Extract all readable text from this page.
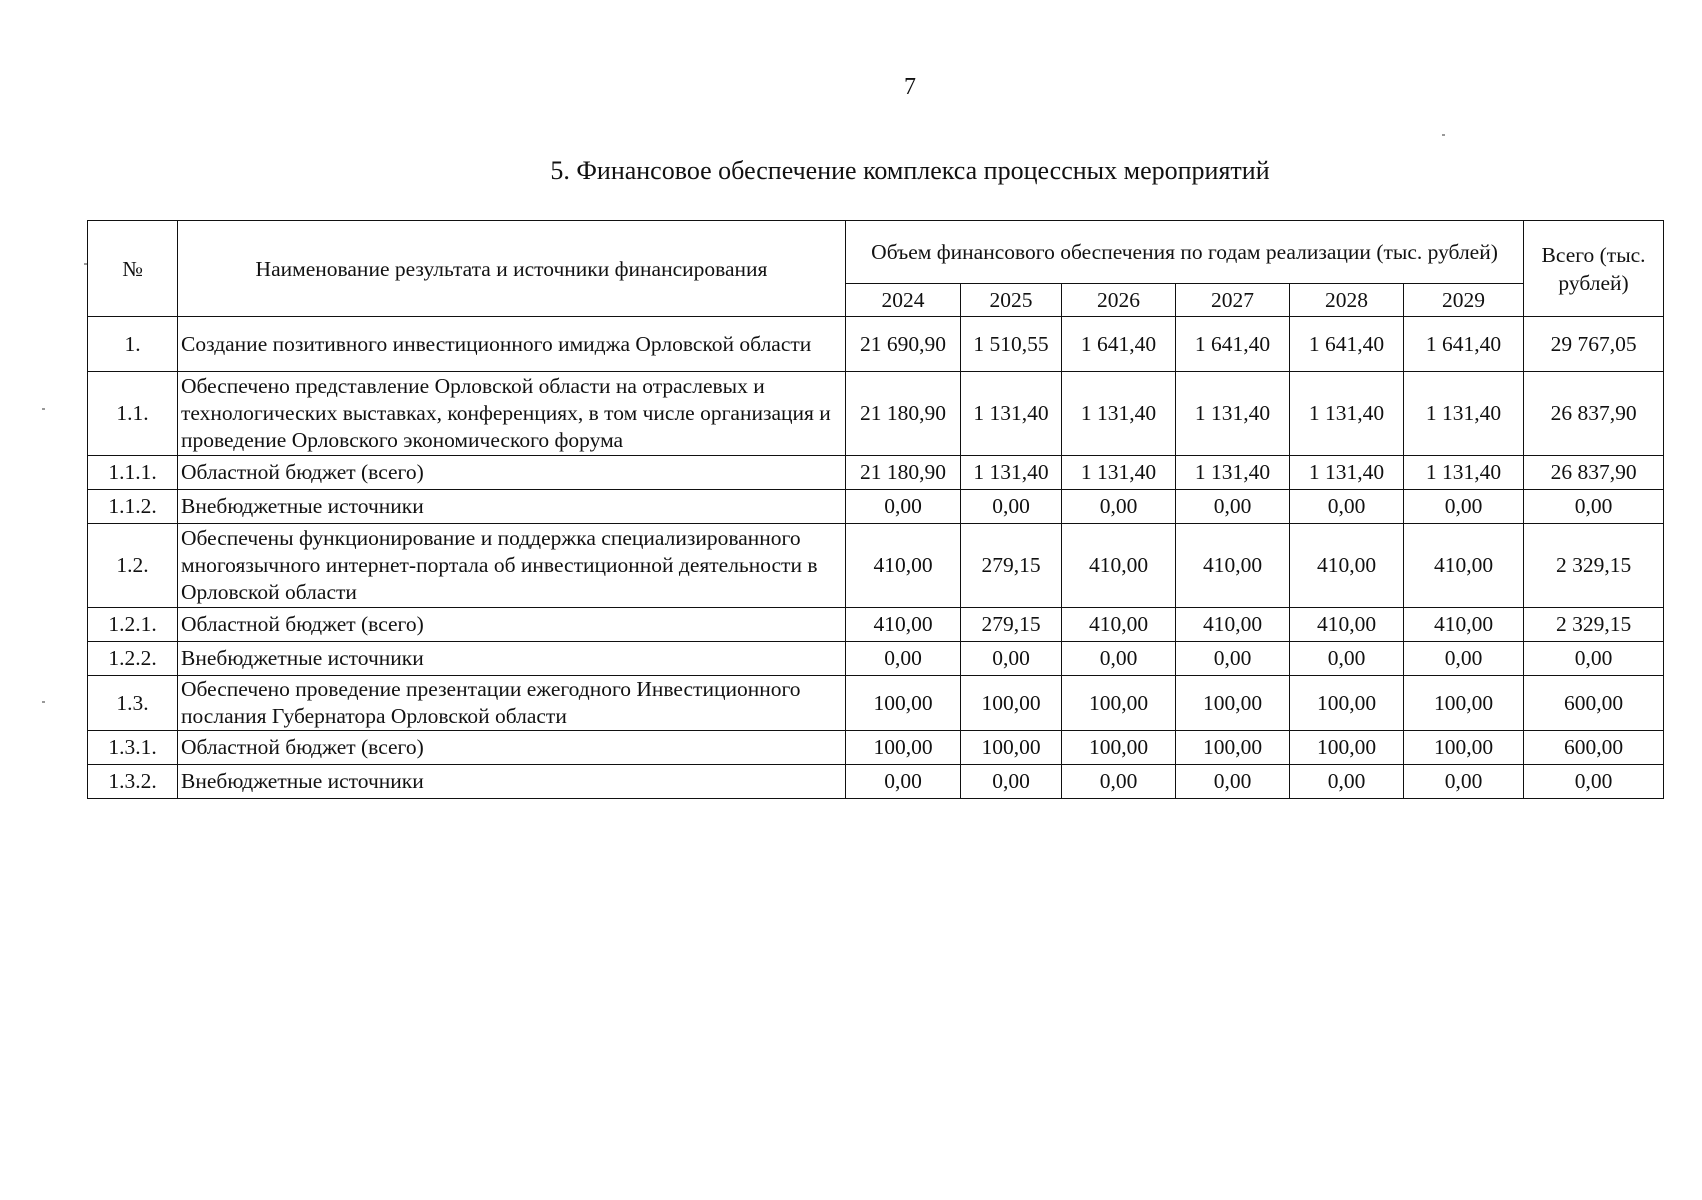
7
5. Финансовое обеспечение комплекса процессных мероприятий
№	Наименование результата и источники финансирования	Объем финансового обеспечения по годам реализации (тыс. рублей)						Всего (тыс. рублей)
		2024	2025	2026	2027	2028	2029	
1.	Создание позитивного инвестиционного имиджа Орловской области	21 690,90	1 510,55	1 641,40	1 641,40	1 641,40	1 641,40	29 767,05
1.1.	Обеспечено представление Орловской области на отраслевых и технологических выставках, конференциях, в том числе организация и проведение Орловского экономического форума	21 180,90	1 131,40	1 131,40	1 131,40	1 131,40	1 131,40	26 837,90
1.1.1.	Областной бюджет (всего)	21 180,90	1 131,40	1 131,40	1 131,40	1 131,40	1 131,40	26 837,90
1.1.2.	Внебюджетные источники	0,00	0,00	0,00	0,00	0,00	0,00	0,00
1.2.	Обеспечены функционирование и поддержка специализированного многоязычного интернет-портала об инвестиционной деятельности в Орловской области	410,00	279,15	410,00	410,00	410,00	410,00	2 329,15
1.2.1.	Областной бюджет (всего)	410,00	279,15	410,00	410,00	410,00	410,00	2 329,15
1.2.2.	Внебюджетные источники	0,00	0,00	0,00	0,00	0,00	0,00	0,00
1.3.	Обеспечено проведение презентации ежегодного Инвестиционного послания Губернатора Орловской области	100,00	100,00	100,00	100,00	100,00	100,00	600,00
1.3.1.	Областной бюджет (всего)	100,00	100,00	100,00	100,00	100,00	100,00	600,00
1.3.2.	Внебюджетные источники	0,00	0,00	0,00	0,00	0,00	0,00	0,00
